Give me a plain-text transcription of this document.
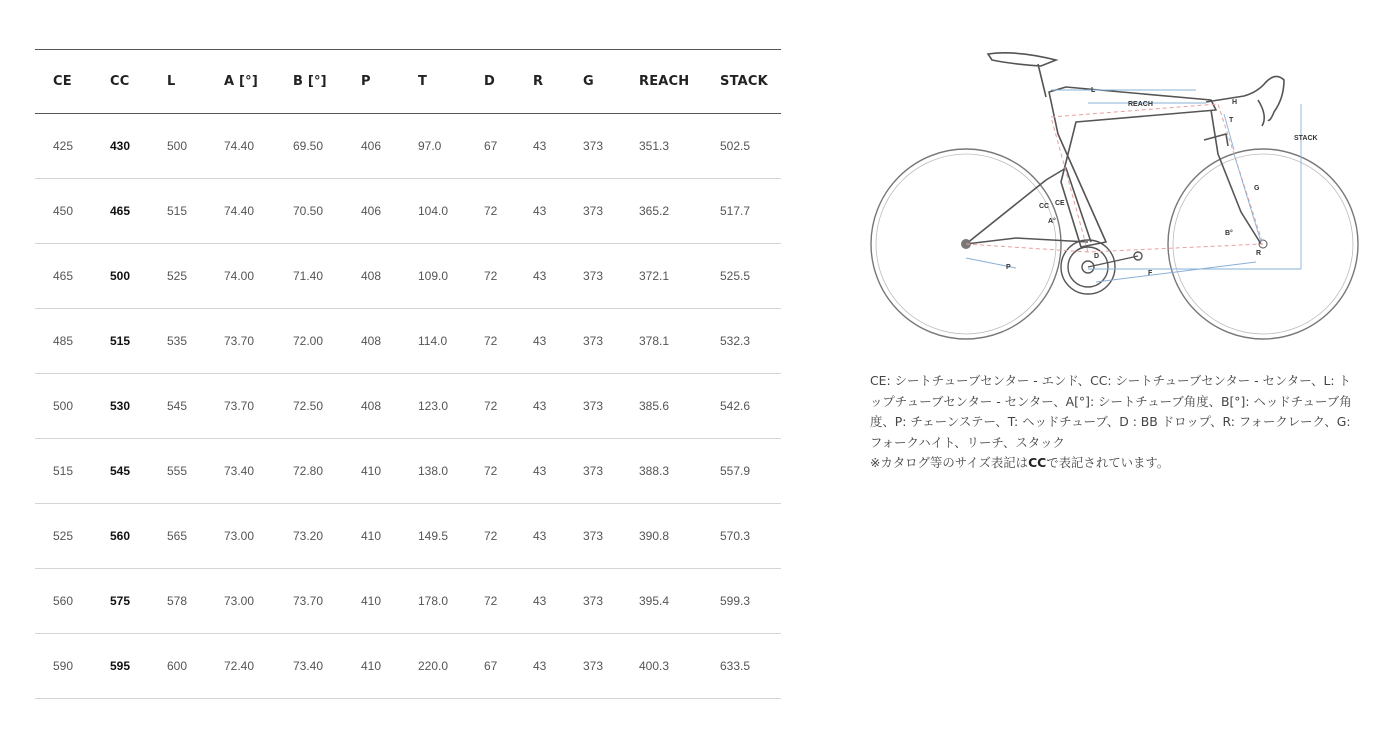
CE	CC	L	A [°]	B [°]	P	T	D	R	G	REACH	STACK
425	430	500	74.40	69.50	406	97.0	67	43	373	351.3	502.5
450	465	515	74.40	70.50	406	104.0	72	43	373	365.2	517.7
465	500	525	74.00	71.40	408	109.0	72	43	373	372.1	525.5
485	515	535	73.70	72.00	408	114.0	72	43	373	378.1	532.3
500	530	545	73.70	72.50	408	123.0	72	43	373	385.6	542.6
515	545	555	73.40	72.80	410	138.0	72	43	373	388.3	557.9
525	560	565	73.00	73.20	410	149.5	72	43	373	390.8	570.3
560	575	578	73.00	73.70	410	178.0	72	43	373	395.4	599.3
590	595	600	72.40	73.40	410	220.0	67	43	373	400.3	633.5
L
REACH
STACK
H
T
G
CC CE
A°
B°
D	R
P
F

CE: シートチューブセンター - エンド、CC: シートチューブセンター - センター、L: トップチューブセンター - センター、A[°]: シートチューブ角度、B[°]: ヘッドチューブ角度、P: チェーンステー、T: ヘッドチューブ、D : BB ドロップ、R: フォークレーク、G: フォークハイト、リーチ、スタック

※カタログ等のサイズ表記はCCで表記されています。
